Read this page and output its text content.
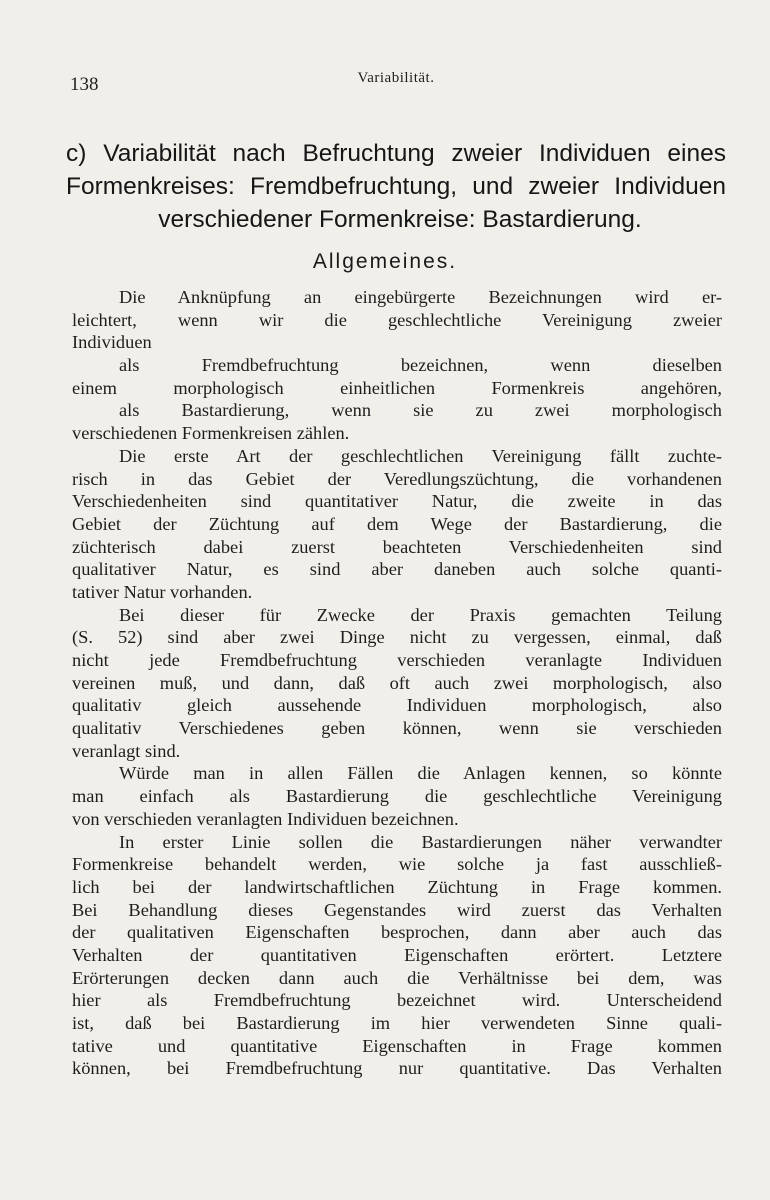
138	Variabilität.
c) Variabilität nach Befruchtung zweier Individuen eines
Formenkreises: Fremdbefruchtung, und zweier Individuen
verschiedener Formenkreise: Bastardierung.
Allgemeines.
Die Anknüpfung an eingebürgerte Bezeichnungen wird er-
leichtert, wenn wir die geschlechtliche Vereinigung zweier
Individuen
als Fremdbefruchtung bezeichnen, wenn dieselben
einem morphologisch einheitlichen Formenkreis angehören,
als Bastardierung, wenn sie zu zwei morphologisch
verschiedenen Formenkreisen zählen.
Die erste Art der geschlechtlichen Vereinigung fällt zuchte-
risch in das Gebiet der Veredlungszüchtung, die vorhandenen
Verschiedenheiten sind quantitativer Natur, die zweite in das
Gebiet der Züchtung auf dem Wege der Bastardierung, die
züchterisch dabei zuerst beachteten Verschiedenheiten sind
qualitativer Natur, es sind aber daneben auch solche quanti-
tativer Natur vorhanden.
Bei dieser für Zwecke der Praxis gemachten Teilung
(S. 52) sind aber zwei Dinge nicht zu vergessen, einmal, daß
nicht jede Fremdbefruchtung verschieden veranlagte Individuen
vereinen muß, und dann, daß oft auch zwei morphologisch, also
qualitativ gleich aussehende Individuen morphologisch, also
qualitativ Verschiedenes geben können, wenn sie verschieden
veranlagt sind.
Würde man in allen Fällen die Anlagen kennen, so könnte
man einfach als Bastardierung die geschlechtliche Vereinigung
von verschieden veranlagten Individuen bezeichnen.
In erster Linie sollen die Bastardierungen näher verwandter
Formenkreise behandelt werden, wie solche ja fast ausschließ-
lich bei der landwirtschaftlichen Züchtung in Frage kommen.
Bei Behandlung dieses Gegenstandes wird zuerst das Verhalten
der qualitativen Eigenschaften besprochen, dann aber auch das
Verhalten der quantitativen Eigenschaften erörtert. Letztere
Erörterungen decken dann auch die Verhältnisse bei dem, was
hier als Fremdbefruchtung bezeichnet wird. Unterscheidend
ist, daß bei Bastardierung im hier verwendeten Sinne quali-
tative und quantitative Eigenschaften in Frage kommen
können, bei Fremdbefruchtung nur quantitative. Das Verhalten
